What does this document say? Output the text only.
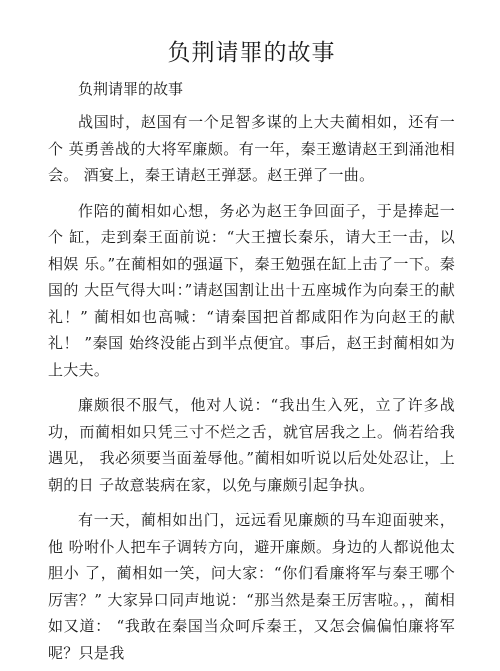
负荆请罪的故事

负荆请罪的故事

战国时，赵国有一个足智多谋的上大夫蔺相如，还有一个 英勇善战的大将军廉颇。有一年，秦王邀请赵王到涌池相会。 酒宴上，秦王请赵王弹瑟。赵王弹了一曲。

作陪的蔺相如心想，务必为赵王争回面子，于是捧起一个 缸，走到秦王面前说：“大王擅长秦乐，请大王一击，以相娱 乐。”在蔺相如的强逼下，秦王勉强在缸上击了一下。秦国的 大臣气得大叫：”请赵国割让出十五座城作为向秦王的献礼！” 蔺相如也高喊：“请秦国把首都咸阳作为向赵王的献礼！ ”秦国 始终没能占到半点便宜。事后，赵王封蔺相如为上大夫。

廉颇很不服气，他对人说：“我出生入死，立了许多战功，而蔺相如只凭三寸不烂之舌，就官居我之上。倘若给我遇见， 我必须要当面羞辱他。”蔺相如听说以后处处忍让，上朝的日 子故意装病在家，以免与廉颇引起争执。

有一天，蔺相如出门，远远看见廉颇的马车迎面驶来，他 吩咐仆人把车子调转方向，避开廉颇。身边的人都说他太胆小 了，蔺相如一笑，问大家：“你们看廉将军与秦王哪个厉害？” 大家异口同声地说：“那当然是秦王厉害啦。，，蔺相如又道： “我敢在秦国当众呵斥秦王，又怎会偏偏怕廉将军呢？只是我
